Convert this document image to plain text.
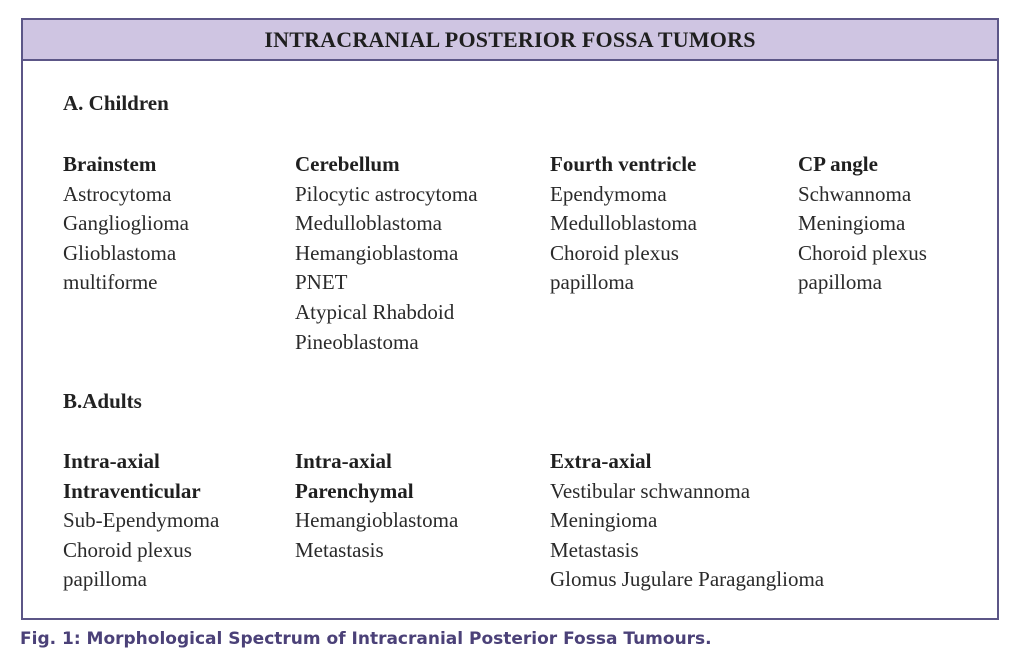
INTRACRANIAL POSTERIOR FOSSA TUMORS
A. Children
Brainstem
Astrocytoma
Ganglioglioma
Glioblastoma
multiforme
Cerebellum
Pilocytic astrocytoma
Medulloblastoma
Hemangioblastoma
PNET
Atypical Rhabdoid
Pineoblastoma
Fourth ventricle
Ependymoma
Medulloblastoma
Choroid plexus
papilloma
CP angle
Schwannoma
Meningioma
Choroid plexus
papilloma
B.Adults
Intra-axial
Intraventicular
Sub-Ependymoma
Choroid plexus
papilloma
Intra-axial
Parenchymal
Hemangioblastoma
Metastasis
Extra-axial
Vestibular schwannoma
Meningioma
Metastasis
Glomus Jugulare Paraganglioma
Fig. 1: Morphological Spectrum of Intracranial Posterior Fossa Tumours.
